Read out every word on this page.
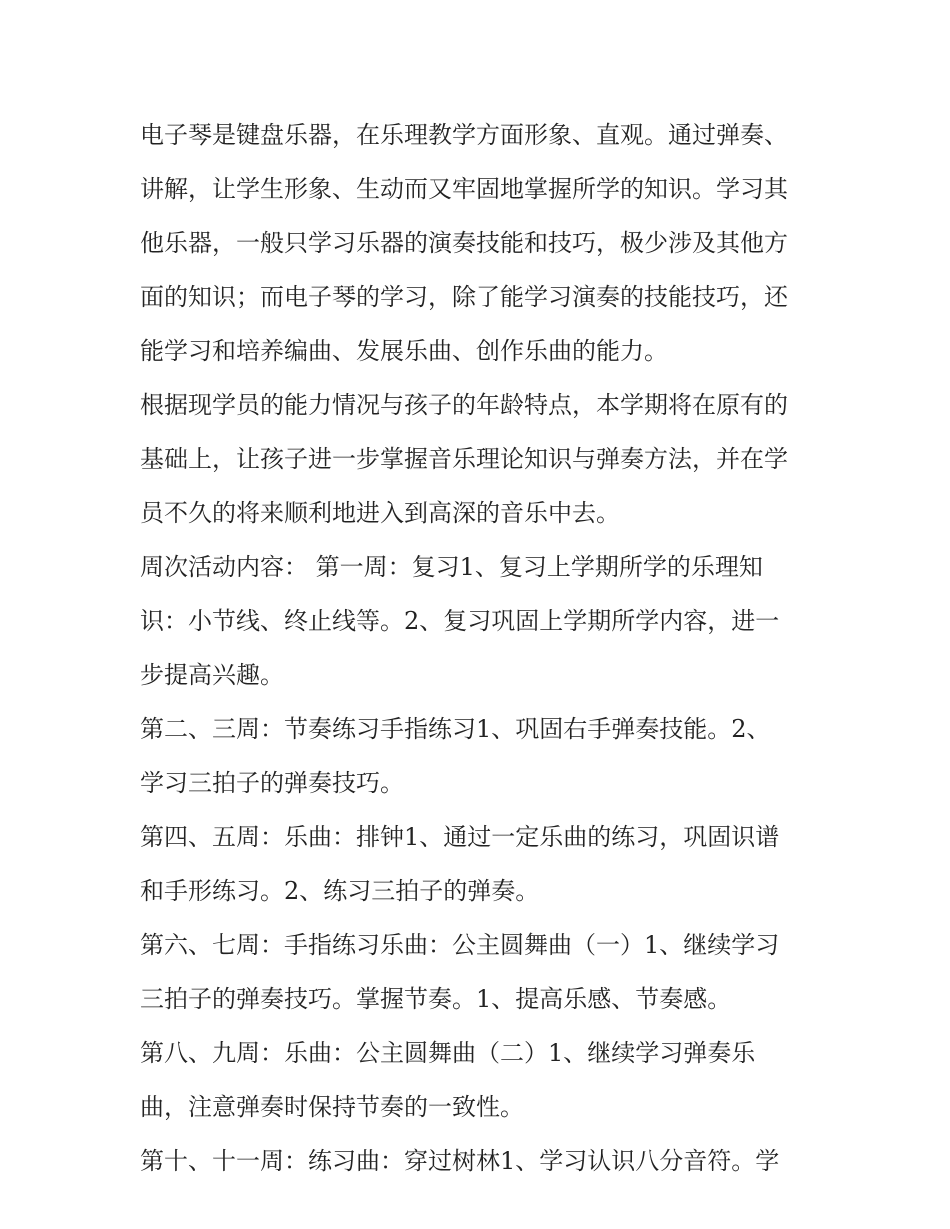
电子琴是键盘乐器，在乐理教学方面形象、直观。通过弹奏、
讲解，让学生形象、生动而又牢固地掌握所学的知识。学习其
他乐器，一般只学习乐器的演奏技能和技巧，极少涉及其他方
面的知识；而电子琴的学习，除了能学习演奏的技能技巧，还
能学习和培养编曲、发展乐曲、创作乐曲的能力。
根据现学员的能力情况与孩子的年龄特点，本学期将在原有的
基础上，让孩子进一步掌握音乐理论知识与弹奏方法，并在学
员不久的将来顺利地进入到高深的音乐中去。
周次活动内容： 第一周：复习1、复习上学期所学的乐理知
识：小节线、终止线等。2、复习巩固上学期所学内容，进一
步提高兴趣。
第二、三周：节奏练习手指练习1、巩固右手弹奏技能。2、
学习三拍子的弹奏技巧。
第四、五周：乐曲：排钟1、通过一定乐曲的练习，巩固识谱
和手形练习。2、练习三拍子的弹奏。
第六、七周：手指练习乐曲：公主圆舞曲（一）1、继续学习
三拍子的弹奏技巧。掌握节奏。1、提高乐感、节奏感。
第八、九周：乐曲：公主圆舞曲（二）1、继续学习弹奏乐
曲，注意弹奏时保持节奏的一致性。
第十、十一周：练习曲：穿过树林1、学习认识八分音符。学
